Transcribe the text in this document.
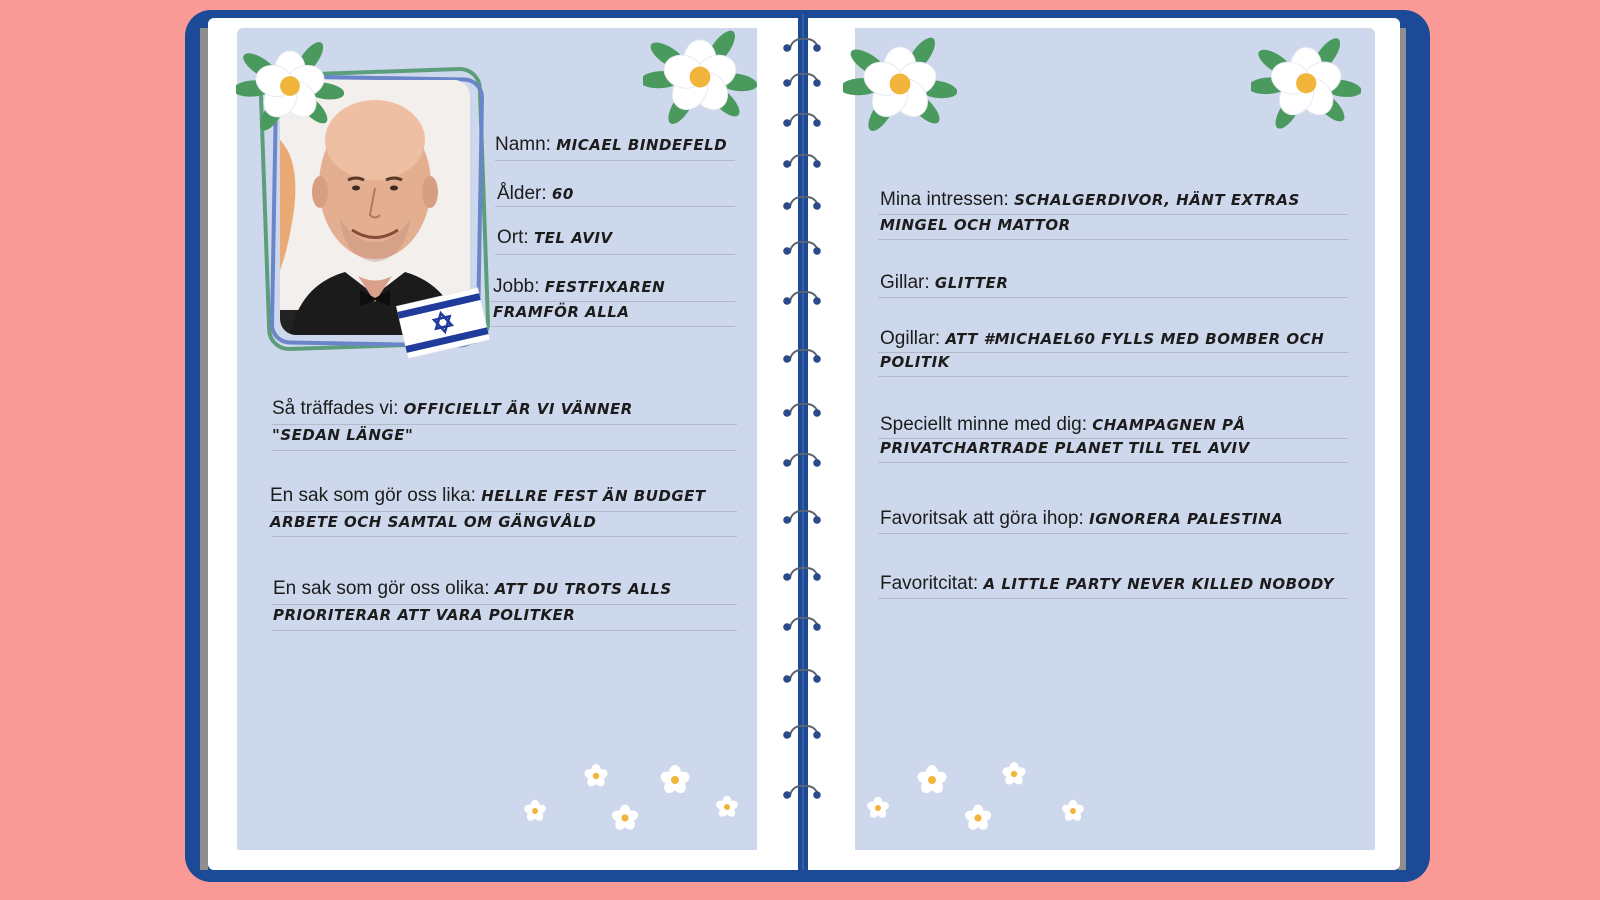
Namn: MICAEL BINDEFELD
Ålder: 60
Ort: TEL AVIV
Jobb: FESTFIXAREN
FRAMFÖR ALLA
Så träffades vi: OFFICIELLT ÄR VI VÄNNER
"SEDAN LÄNGE"
En sak som gör oss lika: HELLRE FEST ÄN BUDGET
ARBETE OCH SAMTAL OM GÄNGVÅLD
En sak som gör oss olika: ATT DU TROTS ALLS
PRIORITERAR ATT VARA POLITKER
Mina intressen: SCHALGERDIVOR, HÄNT EXTRAS
MINGEL OCH MATTOR
Gillar: GLITTER
Ogillar: ATT #MICHAEL60 FYLLS MED BOMBER OCH
POLITIK
Speciellt minne med dig: CHAMPAGNEN PÅ
PRIVATCHARTRADE PLANET TILL TEL AVIV
Favoritsak att göra ihop: IGNORERA PALESTINA
Favoritcitat: A LITTLE PARTY NEVER KILLED NOBODY
